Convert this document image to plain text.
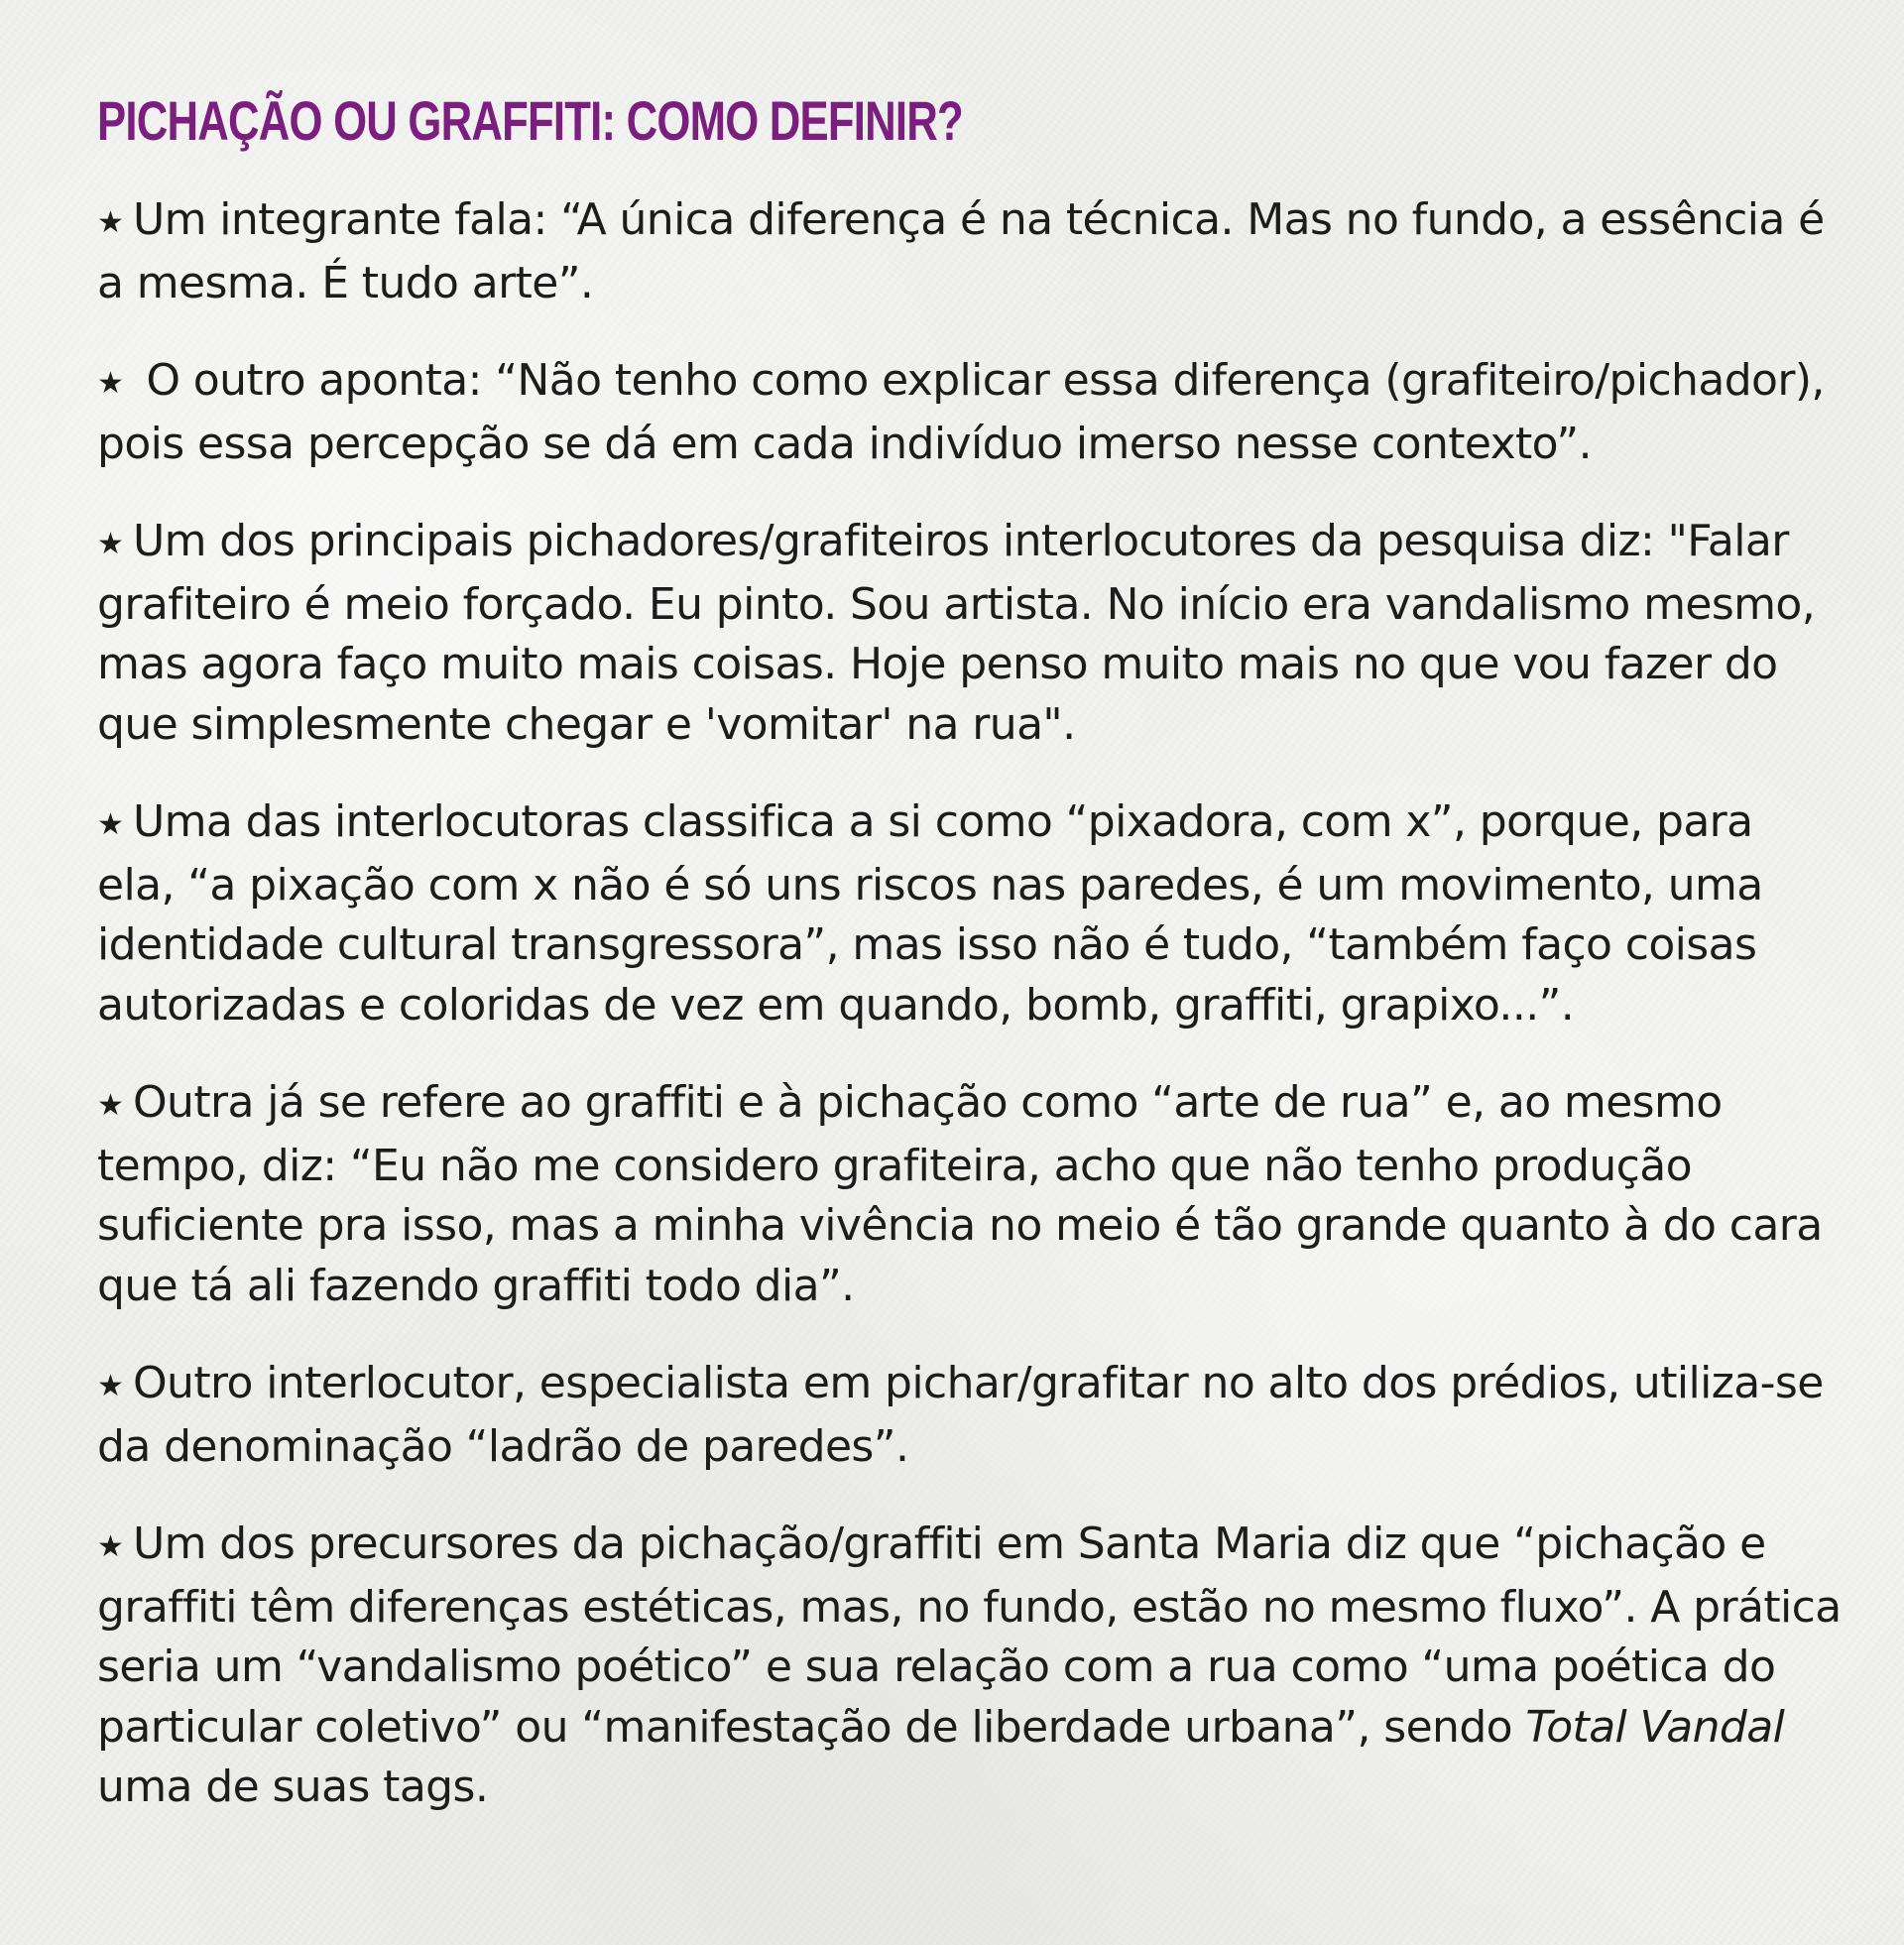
PICHAÇÃO OU GRAFFITI: COMO DEFINIR?

★ Um integrante fala: “A única diferença é na técnica. Mas no fundo, a essência é a mesma. É tudo arte”.

★ O outro aponta: “Não tenho como explicar essa diferença (grafiteiro/pichador), pois essa percepção se dá em cada indivíduo imerso nesse contexto”.

★ Um dos principais pichadores/grafiteiros interlocutores da pesquisa diz: "Falar grafiteiro é meio forçado. Eu pinto. Sou artista. No início era vandalismo mesmo, mas agora faço muito mais coisas. Hoje penso muito mais no que vou fazer do que simplesmente chegar e 'vomitar' na rua".

★ Uma das interlocutoras classifica a si como “pixadora, com x”, porque, para ela, “a pixação com x não é só uns riscos nas paredes, é um movimento, uma identidade cultural transgressora”, mas isso não é tudo, “também faço coisas autorizadas e coloridas de vez em quando, bomb, graffiti, grapixo...”.

★ Outra já se refere ao graffiti e à pichação como “arte de rua” e, ao mesmo tempo, diz: “Eu não me considero grafiteira, acho que não tenho produção suficiente pra isso, mas a minha vivência no meio é tão grande quanto à do cara que tá ali fazendo graffiti todo dia”.

★ Outro interlocutor, especialista em pichar/grafitar no alto dos prédios, utiliza-se da denominação “ladrão de paredes”.

★ Um dos precursores da pichação/graffiti em Santa Maria diz que “pichação e graffiti têm diferenças estéticas, mas, no fundo, estão no mesmo fluxo”. A prática seria um “vandalismo poético” e sua relação com a rua como “uma poética do particular coletivo” ou “manifestação de liberdade urbana”, sendo Total Vandal uma de suas tags.
